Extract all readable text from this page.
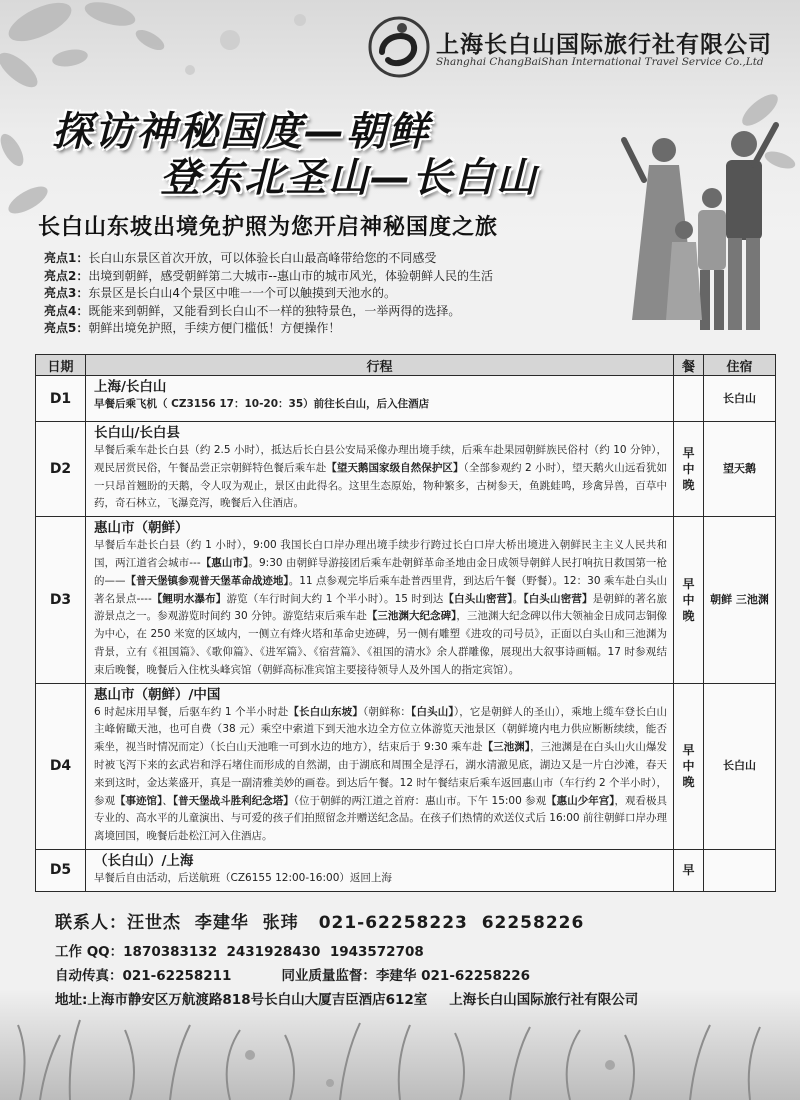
上海长白山国际旅行社有限公司
Shanghai ChangBaiShan International Travel Service Co.,Ltd
探访神秘国度—朝鲜
登东北圣山—长白山
长白山东坡出境免护照为您开启神秘国度之旅
亮点1：长白山东景区首次开放，可以体验长白山最高峰带给您的不同感受
亮点2：出境到朝鲜，感受朝鲜第二大城市--惠山市的城市风光，体验朝鲜人民的生活
亮点3：东景区是长白山4个景区中唯一一个可以触摸到天池水的。
亮点4：既能来到朝鲜，又能看到长白山不一样的独特景色，一举两得的选择。
亮点5：朝鲜出境免护照，手续方便门槛低！方便操作！
日期	行程	餐	住宿
D1	上海/长白山
早餐后乘飞机（ CZ3156 17：10-20：35）前往长白山，后入住酒店		长白山
D2	长白山/长白县
早餐后乘车赴长白县（约 2.5 小时），抵达后长白县公安局采像办理出境手续，后乘车赴果园朝鲜族民俗村（约 10 分钟），观民居赏民俗，午餐品尝正宗朝鲜特色餐后乘车赴【望天鹅国家级自然保护区】（全部参观约 2 小时），望天鹅火山远看犹如一只昂首翘盼的天鹅，令人叹为观止，景区由此得名。这里生态原始，物种繁多，古树参天，鱼跳蛙鸣，珍禽异兽，百草中药，奇石林立，飞瀑竞泻，晚餐后入住酒店。	早 中 晚	望天鹅
D3	惠山市（朝鲜）
早餐后车赴长白县（约 1 小时），9:00 我国长白口岸办理出境手续步行跨过长白口岸大桥出境进入朝鲜民主主义人民共和国，两江道省会城市---【惠山市】。9:30 由朝鲜导游接团后乘车赴朝鲜革命圣地由金日成领导朝鲜人民打响抗日救国第一枪的——【普天堡镇参观普天堡革命战迹地】。11 点参观完毕后乘车赴普西里背，到达后午餐（野餐）。12：30 乘车赴白头山著名景点----【鲤明水瀑布】游览（车行时间大约 1 个半小时）。15 时到达【白头山密营】。【白头山密营】是朝鲜的著名旅游景点之一。参观游览时间约 30 分钟。游览结束后乘车赴【三池渊大纪念碑】，三池渊大纪念碑以伟大领袖金日成同志铜像为中心，在 250 米宽的区域内，一侧立有烽火塔和革命史迹碑，另一侧有雕塑《进攻的司号员》，正面以白头山和三池渊为背景，立有《祖国篇》、《歌仰篇》、《进军篇》、《宿营篇》、《祖国的清水》余人群雕像，展现出大叙事诗画幅。17 时参观结束后晚餐，晚餐后入住枕头峰宾馆（朝鲜高标准宾馆主要接待领导人及外国人的指定宾馆）。	早 中 晚	朝鲜 三池渊
D4	惠山市（朝鲜）/中国
6 时起床用早餐，后驱车约 1 个半小时赴【长白山东坡】（朝鲜称：【白头山】），它是朝鲜人的圣山），乘地上缆车登长白山主峰俯瞰天池，也可自费（38 元）乘空中索道下到天池水边全方位立体游览天池景区（朝鲜境内电力供应断断续续，能否乘坐，视当时情况而定）（长白山天池唯一可到水边的地方），结束后于 9:30 乘车赴【三池渊】，三池渊是在白头山火山爆发时被飞泻下来的玄武岩和浮石堵住而形成的自然湖，由于湖底和周围全是浮石，湖水清澈见底，湖边又是一片白沙滩，春天来到这时，金达莱盛开，真是一副清雅美妙的画卷。到达后午餐。12 时午餐结束后乘车返回惠山市（车行约 2 个半小时），参观【事迹馆】、【普天堡战斗胜利纪念塔】（位于朝鲜的两江道之首府：惠山市。下午 15:00 参观【惠山少年宫】，观看极具专业的、高水平的儿童演出、与可爱的孩子们拍照留念并赠送纪念品。在孩子们热情的欢送仪式后 16:00 前往朝鲜口岸办理离境回国，晚餐后赴松江河入住酒店。	早 中 晚	长白山
D5	（长白山）/上海
早餐后自由活动，后送航班（CZ6155 12:00-16:00）返回上海	早	
联系人：汪世杰  李建华  张玮 021-62258223  62258226
工作 QQ：1870383132  2431928430  1943572708
自动传真：021-62258211	同业质量监督：李建华 021-62258226
地址:上海市静安区万航渡路818号长白山大厦吉臣酒店612室 上海长白山国际旅行社有限公司
